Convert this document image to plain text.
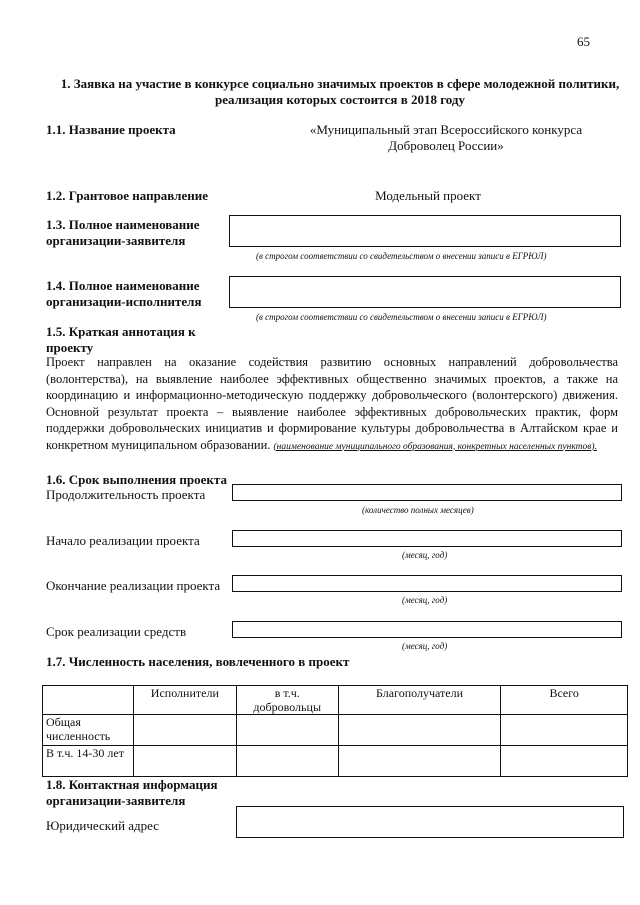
65
1. Заявка на участие в конкурсе социально значимых проектов в сфере молодежной политики, реализация которых состоится в 2018 году
1.1. Название проекта	«Муниципальный этап Всероссийского конкурса Доброволец России»
1.2. Грантовое направление	Модельный проект
1.3. Полное наименование организации-заявителя
(в строгом соответствии со свидетельством о внесении записи в ЕГРЮЛ)
1.4. Полное наименование организации-исполнителя
(в строгом соответствии со свидетельством о внесении записи в ЕГРЮЛ)
1.5. Краткая аннотация к проекту
Проект направлен на оказание содействия развитию основных направлений добровольчества (волонтерства), на выявление наиболее эффективных общественно значимых проектов, а также на координацию и информационно-методическую поддержку добровольческого (волонтерского) движения. Основной результат проекта – выявление наиболее эффективных добровольческих практик, форм поддержки добровольческих инициатив и формирование культуры добровольчества в Алтайском крае и конкретном муниципальном образовании. (наименование муниципального образования, конкретных населенных пунктов).
1.6. Срок выполнения проекта
Продолжительность проекта
(количество полных месяцев)
Начало реализации проекта
(месяц, год)
Окончание реализации проекта
(месяц, год)
Срок реализации средств
(месяц, год)
1.7. Численность населения, вовлеченного в проект
	Исполнители	в т.ч. добровольцы	Благополучатели	Всего
Общая численность				
В т.ч. 14-30 лет				
1.8. Контактная информация организации-заявителя
Юридический адрес
